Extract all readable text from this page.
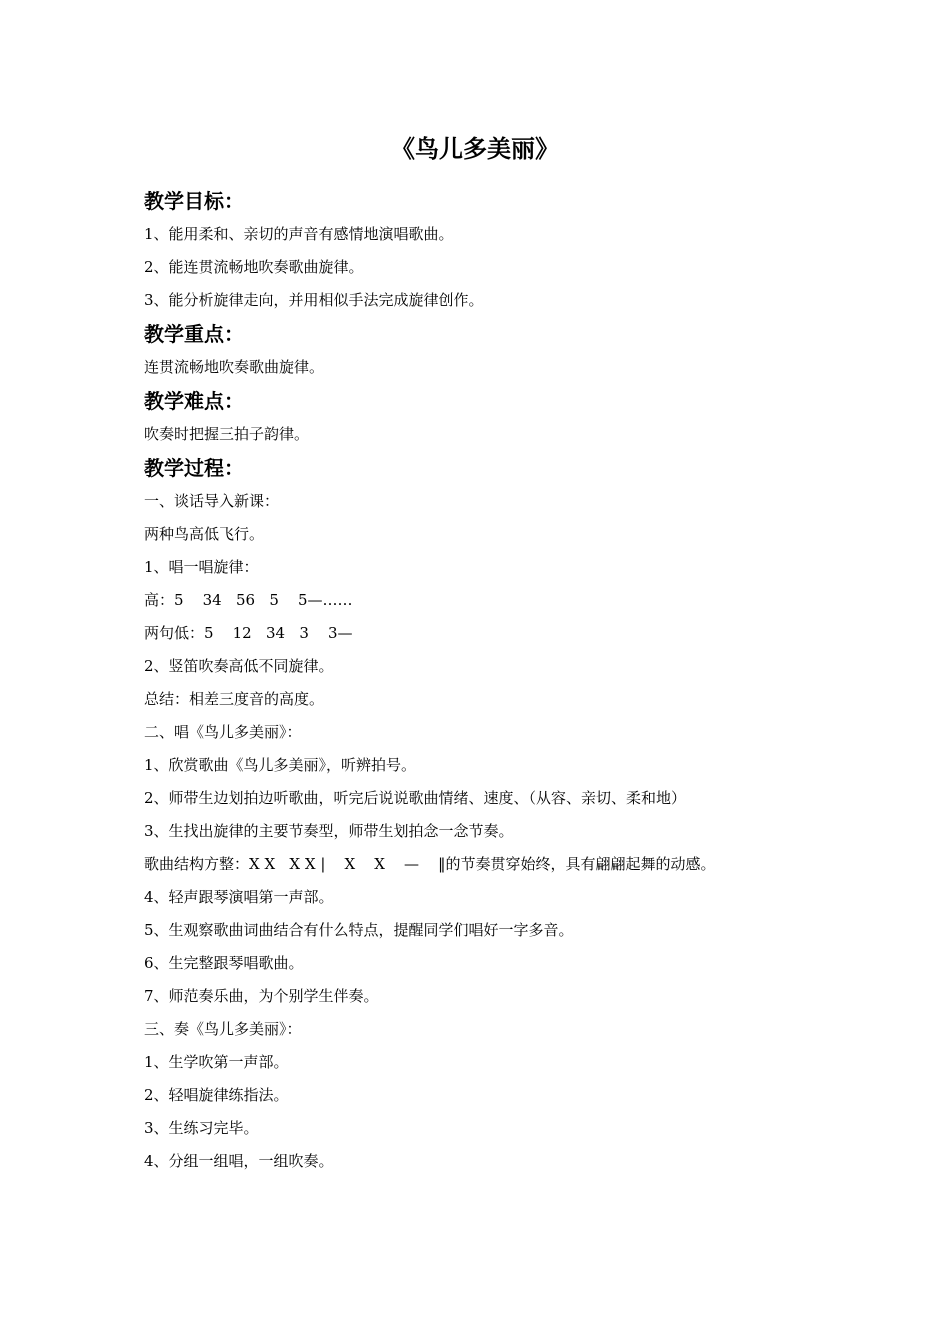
《鸟儿多美丽》
教学目标：
1、能用柔和、亲切的声音有感情地演唱歌曲。
2、能连贯流畅地吹奏歌曲旋律。
3、能分析旋律走向，并用相似手法完成旋律创作。
教学重点：
连贯流畅地吹奏歌曲旋律。
教学难点：
吹奏时把握三拍子韵律。
教学过程：
一、谈话导入新课：
两种鸟高低飞行。
1、唱一唱旋律：
高：5    34   56   5    5—……
两句低：5    12   34   3    3—
2、竖笛吹奏高低不同旋律。
总结：相差三度音的高度。
二、唱《鸟儿多美丽》：
1、欣赏歌曲《鸟儿多美丽》，听辨拍号。
2、师带生边划拍边听歌曲，听完后说说歌曲情绪、速度、（从容、亲切、柔和地）
3、生找出旋律的主要节奏型，师带生划拍念一念节奏。
歌曲结构方整：X X   X X |    X    X    —    ‖的节奏贯穿始终，具有翩翩起舞的动感。
4、轻声跟琴演唱第一声部。
5、生观察歌曲词曲结合有什么特点，提醒同学们唱好一字多音。
6、生完整跟琴唱歌曲。
7、师范奏乐曲，为个别学生伴奏。
三、奏《鸟儿多美丽》：
1、生学吹第一声部。
2、轻唱旋律练指法。
3、生练习完毕。
4、分组一组唱，一组吹奏。
